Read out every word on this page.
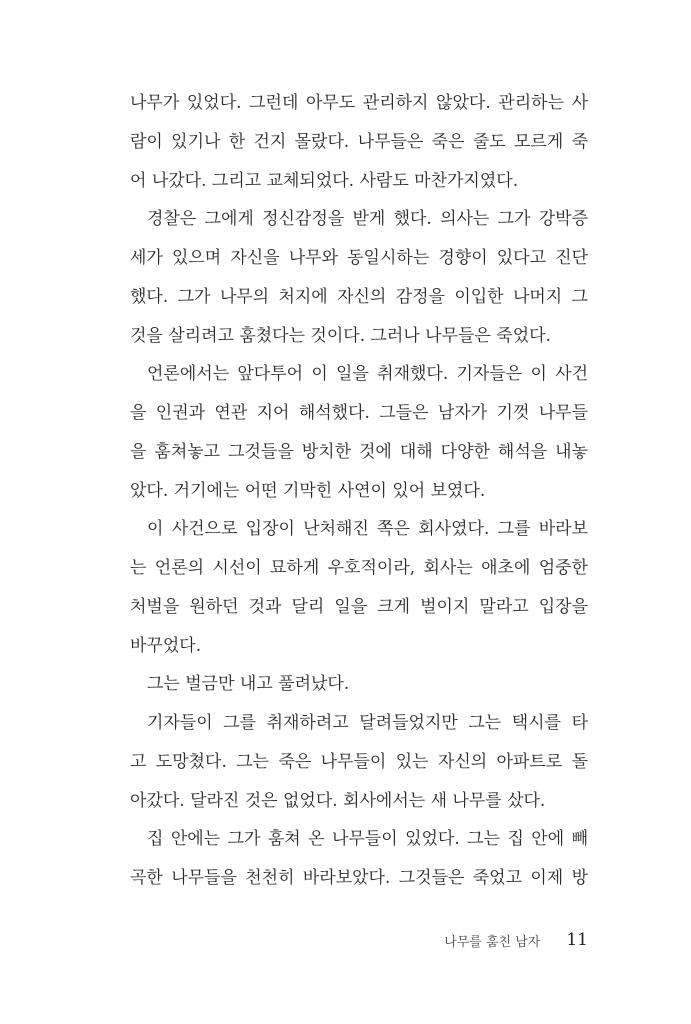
나무가 있었다. 그런데 아무도 관리하지 않았다. 관리하는 사
람이 있기나 한 건지 몰랐다. 나무들은 죽은 줄도 모르게 죽
어 나갔다. 그리고 교체되었다. 사람도 마찬가지였다.
경찰은 그에게 정신감정을 받게 했다. 의사는 그가 강박증
세가 있으며 자신을 나무와 동일시하는 경향이 있다고 진단
했다. 그가 나무의 처지에 자신의 감정을 이입한 나머지 그
것을 살리려고 훔쳤다는 것이다. 그러나 나무들은 죽었다.
언론에서는 앞다투어 이 일을 취재했다. 기자들은 이 사건
을 인권과 연관 지어 해석했다. 그들은 남자가 기껏 나무들
을 훔쳐놓고 그것들을 방치한 것에 대해 다양한 해석을 내놓
았다. 거기에는 어떤 기막힌 사연이 있어 보였다.
이 사건으로 입장이 난처해진 쪽은 회사였다. 그를 바라보
는 언론의 시선이 묘하게 우호적이라, 회사는 애초에 엄중한
처벌을 원하던 것과 달리 일을 크게 벌이지 말라고 입장을
바꾸었다.
그는 벌금만 내고 풀려났다.
기자들이 그를 취재하려고 달려들었지만 그는 택시를 타
고 도망쳤다. 그는 죽은 나무들이 있는 자신의 아파트로 돌
아갔다. 달라진 것은 없었다. 회사에서는 새 나무를 샀다.
집 안에는 그가 훔쳐 온 나무들이 있었다. 그는 집 안에 빼
곡한 나무들을 천천히 바라보았다. 그것들은 죽었고 이제 방
나무를 훔친 남자 11
